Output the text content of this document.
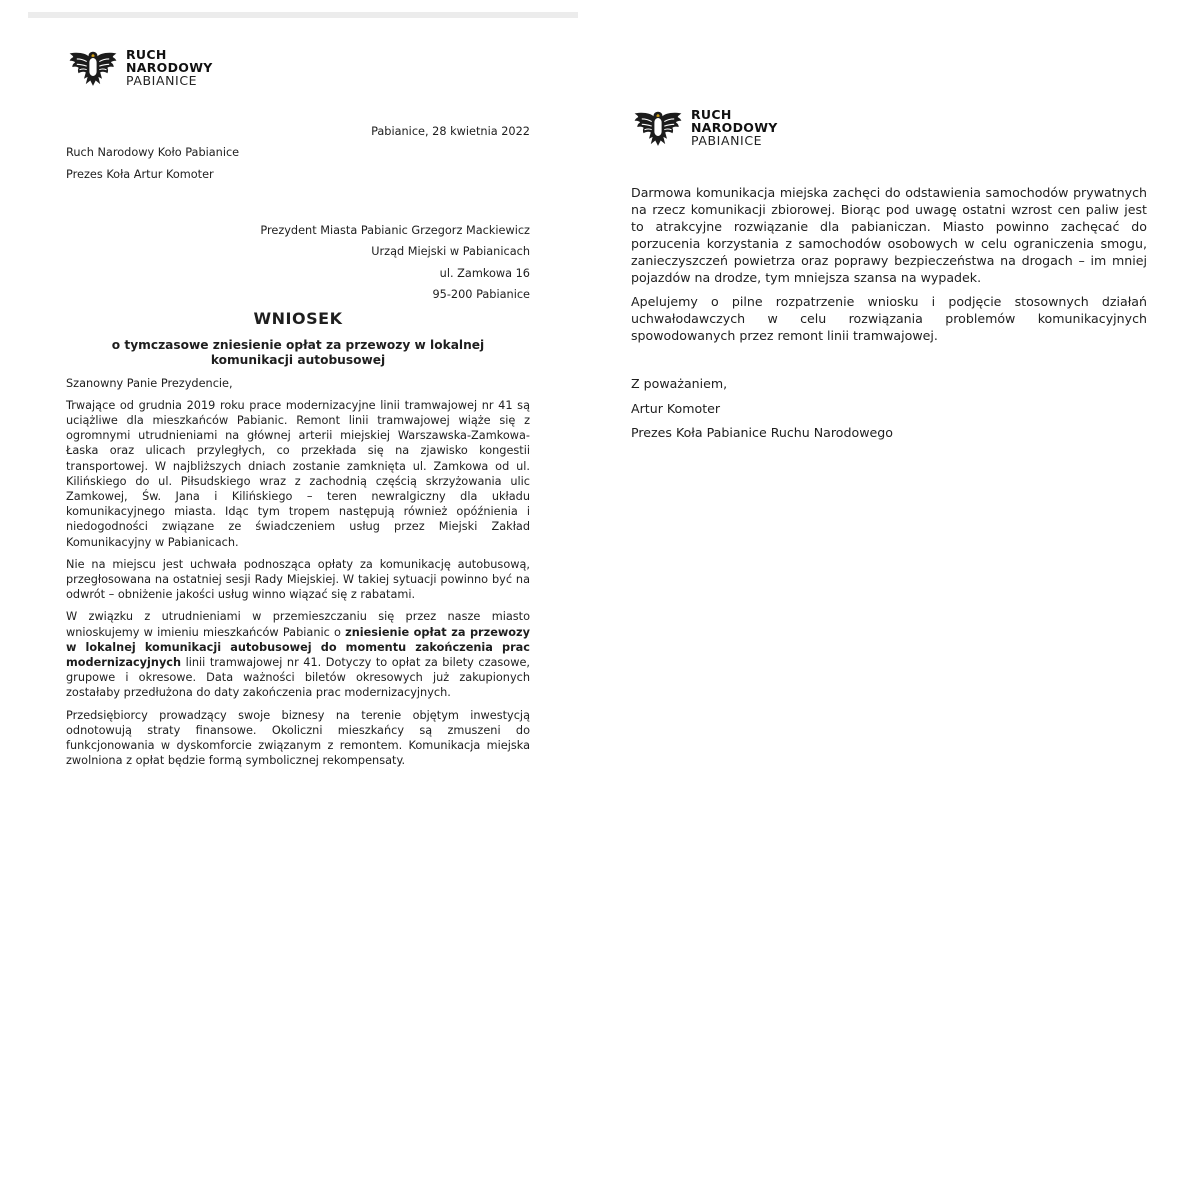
RUCH
NARODOWY
PABIANICE
Pabianice, 28 kwietnia 2022
Ruch Narodowy Koło Pabianice
Prezes Koła Artur Komoter
Prezydent Miasta Pabianic Grzegorz Mackiewicz
Urząd Miejski w Pabianicach
ul. Zamkowa 16
95-200 Pabianice
WNIOSEK
o tymczasowe zniesienie opłat za przewozy w lokalnej komunikacji autobusowej
Szanowny Panie Prezydencie,
Trwające od grudnia 2019 roku prace modernizacyjne linii tramwajowej nr 41 są uciążliwe dla mieszkańców Pabianic. Remont linii tramwajowej wiąże się z ogromnymi utrudnieniami na głównej arterii miejskiej Warszawska-Zamkowa-Łaska oraz ulicach przyległych, co przekłada się na zjawisko kongestii transportowej. W najbliższych dniach zostanie zamknięta ul. Zamkowa od ul. Kilińskiego do ul. Piłsudskiego wraz z zachodnią częścią skrzyżowania ulic Zamkowej, Św. Jana i Kilińskiego – teren newralgiczny dla układu komunikacyjnego miasta. Idąc tym tropem następują również opóźnienia i niedogodności związane ze świadczeniem usług przez Miejski Zakład Komunikacyjny w Pabianicach.
Nie na miejscu jest uchwała podnosząca opłaty za komunikację autobusową, przegłosowana na ostatniej sesji Rady Miejskiej. W takiej sytuacji powinno być na odwrót – obniżenie jakości usług winno wiązać się z rabatami.
W związku z utrudnieniami w przemieszczaniu się przez nasze miasto wnioskujemy w imieniu mieszkańców Pabianic o zniesienie opłat za przewozy w lokalnej komunikacji autobusowej do momentu zakończenia prac modernizacyjnych linii tramwajowej nr 41. Dotyczy to opłat za bilety czasowe, grupowe i okresowe. Data ważności biletów okresowych już zakupionych zostałaby przedłużona do daty zakończenia prac modernizacyjnych.
Przedsiębiorcy prowadzący swoje biznesy na terenie objętym inwestycją odnotowują straty finansowe. Okoliczni mieszkańcy są zmuszeni do funkcjonowania w dyskomforcie związanym z remontem. Komunikacja miejska zwolniona z opłat będzie formą symbolicznej rekompensaty.
RUCH
NARODOWY
PABIANICE
Darmowa komunikacja miejska zachęci do odstawienia samochodów prywatnych na rzecz komunikacji zbiorowej. Biorąc pod uwagę ostatni wzrost cen paliw jest to atrakcyjne rozwiązanie dla pabianiczan. Miasto powinno zachęcać do porzucenia korzystania z samochodów osobowych w celu ograniczenia smogu, zanieczyszczeń powietrza oraz poprawy bezpieczeństwa na drogach – im mniej pojazdów na drodze, tym mniejsza szansa na wypadek.
Apelujemy o pilne rozpatrzenie wniosku i podjęcie stosownych działań uchwałodawczych w celu rozwiązania problemów komunikacyjnych spowodowanych przez remont linii tramwajowej.
Z poważaniem,
Artur Komoter
Prezes Koła Pabianice Ruchu Narodowego
